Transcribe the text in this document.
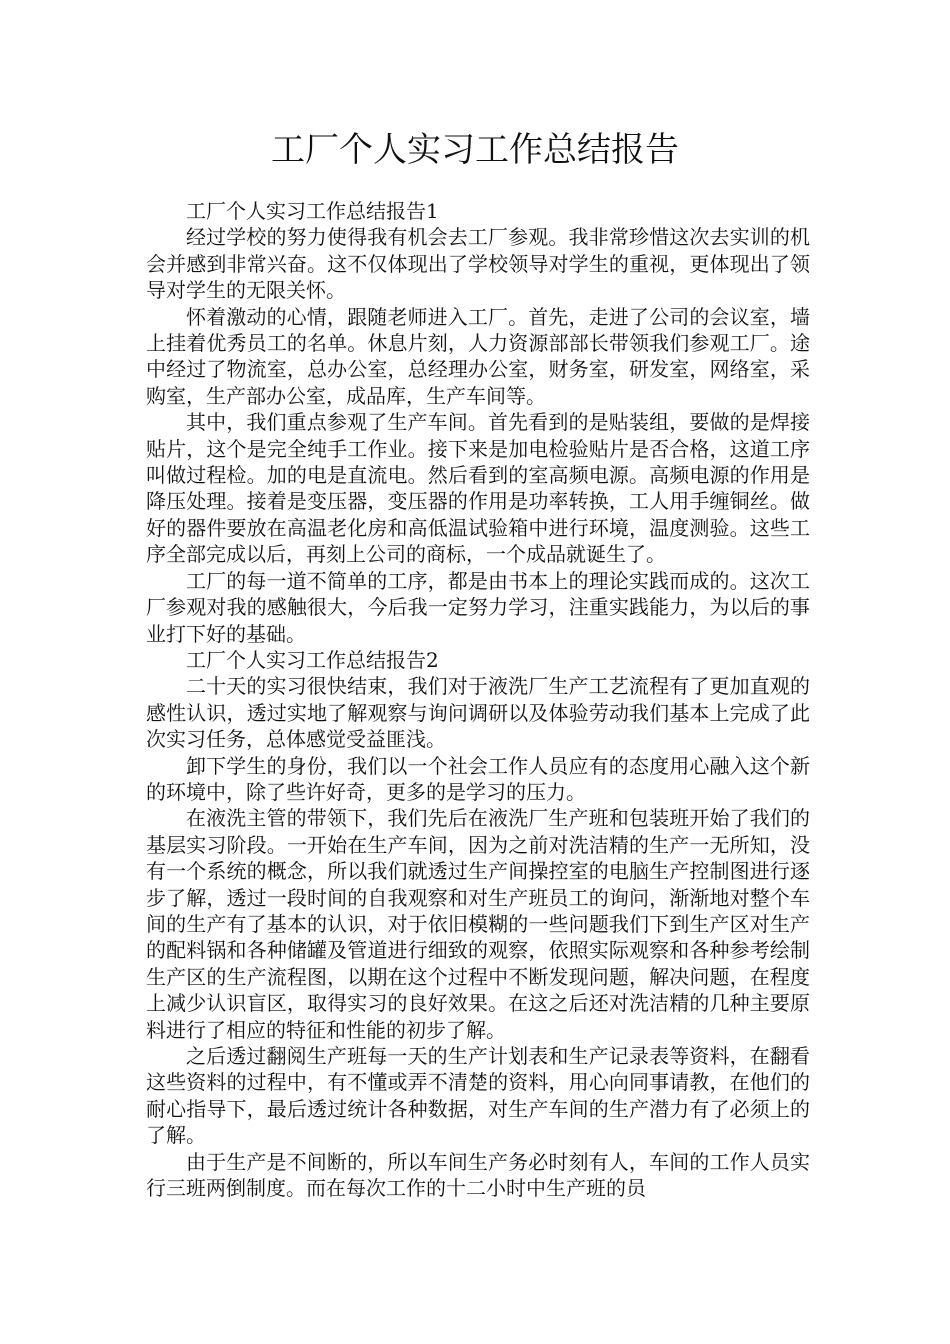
工厂个人实习工作总结报告

工厂个人实习工作总结报告1

经过学校的努力使得我有机会去工厂参观。我非常珍惜这次去实训的机会并感到非常兴奋。这不仅体现出了学校领导对学生的重视，更体现出了领导对学生的无限关怀。

怀着激动的心情，跟随老师进入工厂。首先，走进了公司的会议室，墙上挂着优秀员工的名单。休息片刻，人力资源部部长带领我们参观工厂。途中经过了物流室，总办公室，总经理办公室，财务室，研发室，网络室，采购室，生产部办公室，成品库，生产车间等。

其中，我们重点参观了生产车间。首先看到的是贴装组，要做的是焊接贴片，这个是完全纯手工作业。接下来是加电检验贴片是否合格，这道工序叫做过程检。加的电是直流电。然后看到的室高频电源。高频电源的作用是降压处理。接着是变压器，变压器的作用是功率转换，工人用手缠铜丝。做好的器件要放在高温老化房和高低温试验箱中进行环境，温度测验。这些工序全部完成以后，再刻上公司的商标，一个成品就诞生了。

工厂的每一道不简单的工序，都是由书本上的理论实践而成的。这次工厂参观对我的感触很大，今后我一定努力学习，注重实践能力，为以后的事业打下好的基础。

工厂个人实习工作总结报告2

二十天的实习很快结束，我们对于液洗厂生产工艺流程有了更加直观的感性认识，透过实地了解观察与询问调研以及体验劳动我们基本上完成了此次实习任务，总体感觉受益匪浅。

卸下学生的身份，我们以一个社会工作人员应有的态度用心融入这个新的环境中，除了些许好奇，更多的是学习的压力。

在液洗主管的带领下，我们先后在液洗厂生产班和包装班开始了我们的基层实习阶段。一开始在生产车间，因为之前对洗洁精的生产一无所知，没有一个系统的概念，所以我们就透过生产间操控室的电脑生产控制图进行逐步了解，透过一段时间的自我观察和对生产班员工的询问，渐渐地对整个车间的生产有了基本的认识，对于依旧模糊的一些问题我们下到生产区对生产的配料锅和各种储罐及管道进行细致的观察，依照实际观察和各种参考绘制生产区的生产流程图，以期在这个过程中不断发现问题，解决问题，在程度上减少认识盲区，取得实习的良好效果。在这之后还对洗洁精的几种主要原料进行了相应的特征和性能的初步了解。

之后透过翻阅生产班每一天的生产计划表和生产记录表等资料，在翻看这些资料的过程中，有不懂或弄不清楚的资料，用心向同事请教，在他们的耐心指导下，最后透过统计各种数据，对生产车间的生产潜力有了必须上的了解。

由于生产是不间断的，所以车间生产务必时刻有人，车间的工作人员实行三班两倒制度。而在每次工作的十二小时中生产班的员
